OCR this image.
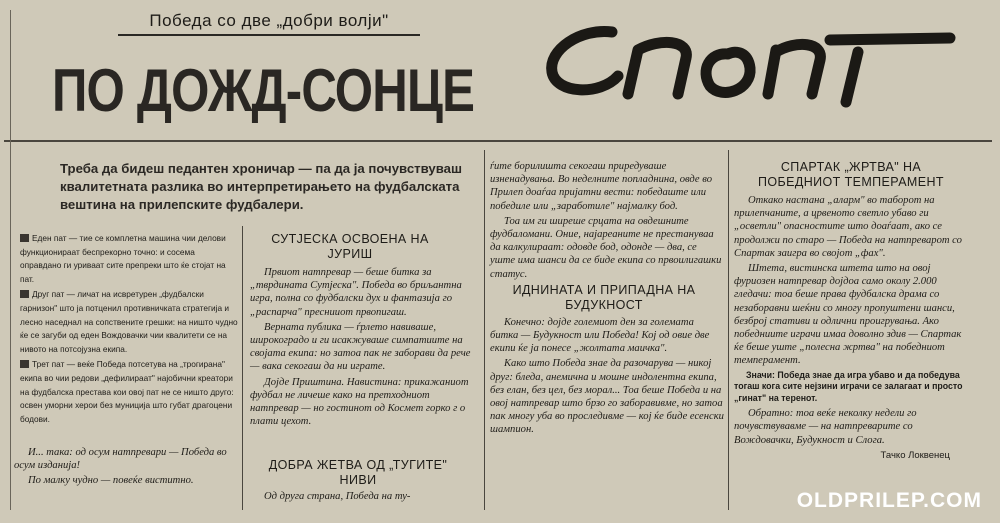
Победа со две „добри волји"
ПО ДОЖД-СОНЦЕ	Спорт
Треба да бидеш педантен хроничар — па да ја почувствуваш квалитетната разлика во интерпретирањето на фудбалската вештина на прилепските фудбалери.

Еден пат — тие се комплетна машина чии делови функционираат беспрекорно точно: и сосема оправдано ги уриваат сите препреки што ќе стојат на пат.

Друг пат — личат на исвретурен „фудбалски гарнизон" што ја потценил противничката стратегија и лесно наседнал на сопствените грешки: на ништо чудно ќе се загуби од еден Вождовачки чии квалитети се на нивото на потсојузна екипа.

Трет пат — веќе Победа потсетува на „трогирана" екипа во чии редови „дефилираат" најобични креатори на фудбалска престава кои овој пат не се ништо друго: освен уморни херои без муниција што губат драгоцени бодови.

И... така: од осум натпревари — Победа во осум изданија!

По малку чудно — повеќе виститно.

СУТЈЕСКА ОСВОЕНА НА ЈУРИШ

Првиот натпревар — беше битка за „тврдината Сутјеска". Победа во бриљантна игра, полна со фудбалски дух и фантазија го „распарча" преснииот првопигаш.

Верната публика — ѓрлето навиваше, широкоградо и ги исакжуваше симпатиите на својата екипа: но затоа пак не заборави да рече — вака секогаш да ни играте.

Дојде Приштина. Навистина: прикажаниот фудбал не личеше како на претходниот натпревар — но гостинот од Космет горко г о плати цехот.

ДОБРА ЖЕТВА ОД „ТУГИТЕ" НИВИ

Од друга страна, Победа на ту-

ѓите борилишта секогаш приредуваше изненадувања. Во неделните попладнина, овде во Прилеп доаѓаа пријатни вести: победаште или победиле или „заработиле" најмалку бод.

Тоа им ги шиpеше срцата на овдешните фудбаломани. Оние, наjаpеаните не престануваа да калкулираат: одовде бод, одонде — два, се уште има шанси да се биде екипа со првоилигашки статус.

ИДНИНАТА И ПРИПАДНА НА БУДУКНОСТ

Конечно: дојде големиот ден за големата битка — Будукност или Победа! Кој од овие две екипи ќе ја понесе „жолтата маичка".

Како што Победа знае да разочарува — никој друг: бледа, анемична и мошне индолентна екипа, без елан, без цел, без морал... Тоа беше Победа и на овој натпревар што брзо го заборавивме, но затоа пак многу уба во проследивме — кој ќе биде есенски шампион.

СПАРТАК „ЖРТВА" НА ПОБЕДНИОТ ТЕМПЕРАМЕНТ

Откако настана „аларм" во таборот на прилепчаните, а црвеното светло убаво ги „осветли" опасностите што доаѓаат, ако се продолжи по старо — Победа на натпреварот со Спартак заигра во својот „фах".

Штета, вистинска штета што на овој фуриозен натпревар дојдоа само околу 2.000 гледачи: тоа беше права фудбалска драма со незаборавни шеќни со многу пропуштени шанси, безброј стативи и одлични проигрувања. Ако победниите играчи имаа доволно здив — Спартак ќе беше уште „полесна жртва" на победниот темперамент.

Значи: Победа знае да игра убаво и да победува тогаш кога сите нејзини играчи се залагаат и просто „гинат" на теренот.

Обратно: тоа веќе неколку недели го почувствувавме — на натпреварите со Вождовачки, Будукност и Слога.

Тачко Локвенец
OLDPRILEP.COM
